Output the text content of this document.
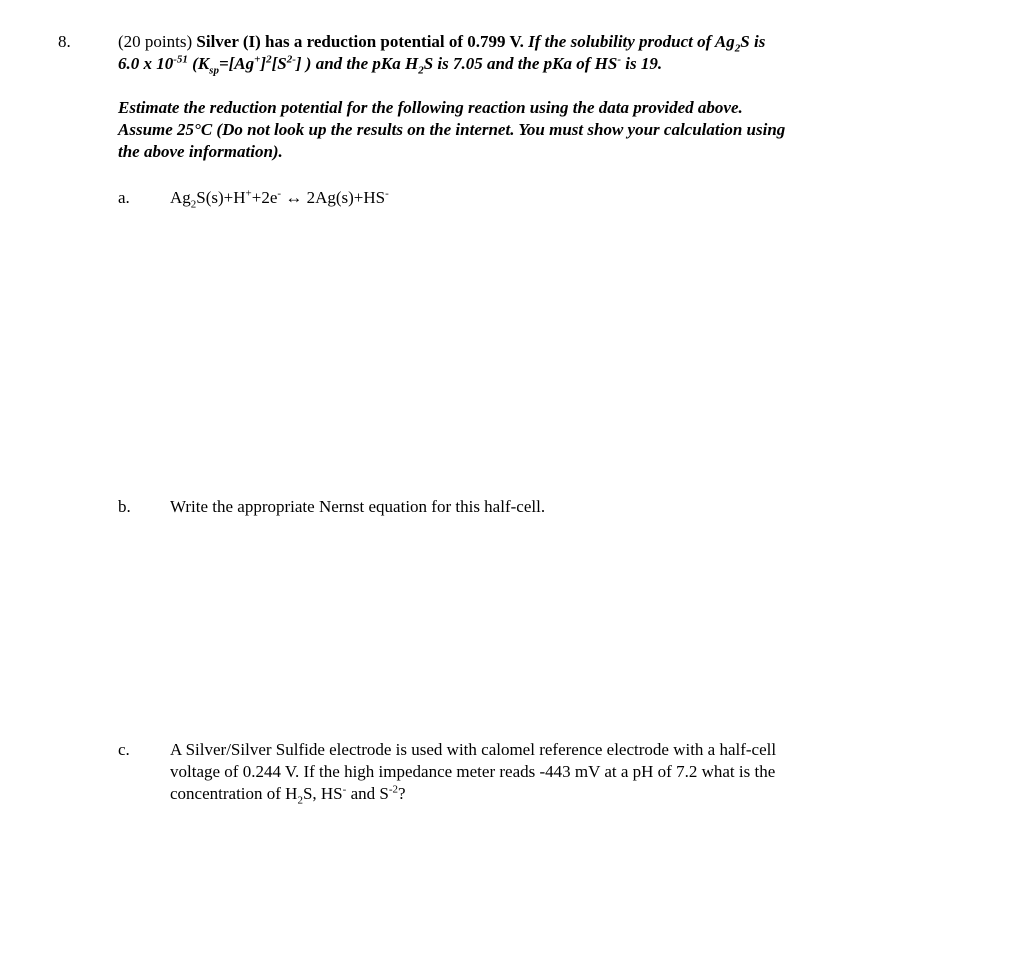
8.	(20 points) Silver (I) has a reduction potential of 0.799 V. If the solubility product of $Ag_2S$ is
6.0 x $10^{-51}$ ($K_{sp}=[Ag^+]^2[S^{2-}]$ ) and the pKa $H_2S$ is 7.05 and the pKa of HS- is 19.
Estimate the reduction potential for the following reaction using the data provided above.
Assume 25°C (Do not look up the results on the internet. You must show your calculation using
the above information).
a. $Ag_2S(s)+H^++2e^-$ ↔ 2Ag(s)+HS-
b. Write the appropriate Nernst equation for this half-cell.
c. A Silver/Silver Sulfide electrode is used with calomel reference electrode with a half-cell
voltage of 0.244 V. If the high impedance meter reads -443 mV at a pH of 7.2 what is the
concentration of $H_2S$, HS- and $S^{-2}$?
